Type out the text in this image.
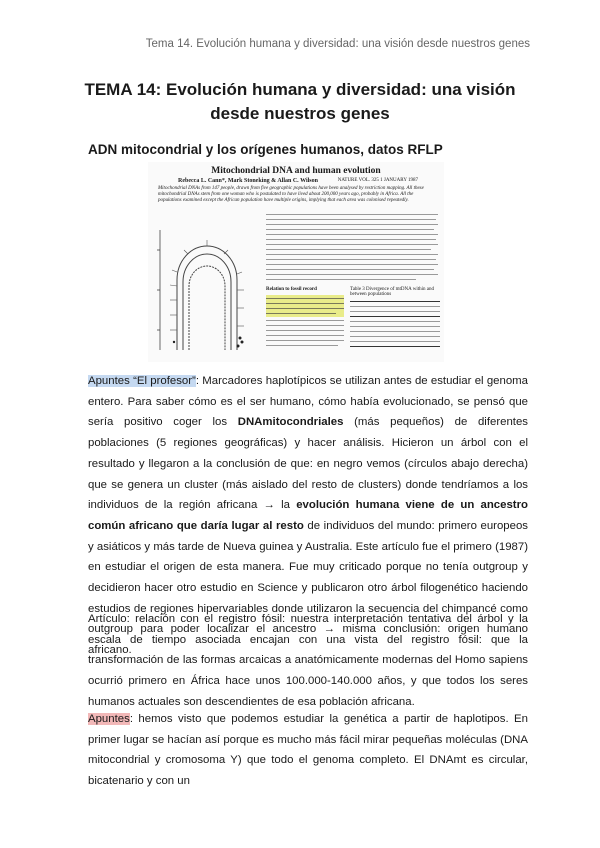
Tema 14. Evolución humana y diversidad: una visión desde nuestros genes
TEMA 14: Evolución humana y diversidad: una visión
desde nuestros genes
ADN mitocondrial y los orígenes humanos, datos RFLP
Mitochondrial DNA and human evolution
Rebecca L. Cann*, Mark Stoneking & Allan C. Wilson	NATURE VOL. 325 1 JANUARY 1987
Mitochondrial DNAs from 147 people, drawn from five geographic populations have been analysed by restriction mapping. All these mitochondrial DNAs stem from one woman who is postulated to have lived about 200,000 years ago, probably in Africa. All the populations examined except the African population have multiple origins, implying that each area was colonised repeatedly.
Relation to fossil record	Table 3 Divergence of mtDNA within and between populations

Apuntes “El profesor”: Marcadores haplotípicos se utilizan antes de estudiar el genoma entero. Para saber cómo es el ser humano, cómo había evolucionado, se pensó que sería positivo coger los DNAmitocondriales (más pequeños) de diferentes poblaciones (5 regiones geográficas) y hacer análisis. Hicieron un árbol con el resultado y llegaron a la conclusión de que: en negro vemos (círculos abajo derecha) que se genera un cluster (más aislado del resto de clusters) donde tendríamos a los individuos de la región africana → la evolución humana viene de un ancestro común africano que daría lugar al resto de individuos del mundo: primero europeos y asiáticos y más tarde de Nueva guinea y Australia. Este artículo fue el primero (1987) en estudiar el origen de esta manera. Fue muy criticado porque no tenía outgroup y decidieron hacer otro estudio en Science y publicaron otro árbol filogenético haciendo estudios de regiones hipervariables donde utilizaron la secuencia del chimpancé como outgroup para poder localizar el ancestro → misma conclusión: origen humano africano.

Artículo: relación con el registro fósil: nuestra interpretación tentativa del árbol y la escala de tiempo asociada encajan con una vista del registro fósil: que la transformación de las formas arcaicas a anatómicamente modernas del Homo sapiens ocurrió primero en África hace unos 100.000-140.000 años, y que todos los seres humanos actuales son descendientes de esa población africana.

Apuntes: hemos visto que podemos estudiar la genética a partir de haplotipos. En primer lugar se hacían así porque es mucho más fácil mirar pequeñas moléculas (DNA mitocondrial y cromosoma Y) que todo el genoma completo. El DNAmt es circular, bicatenario y con un
